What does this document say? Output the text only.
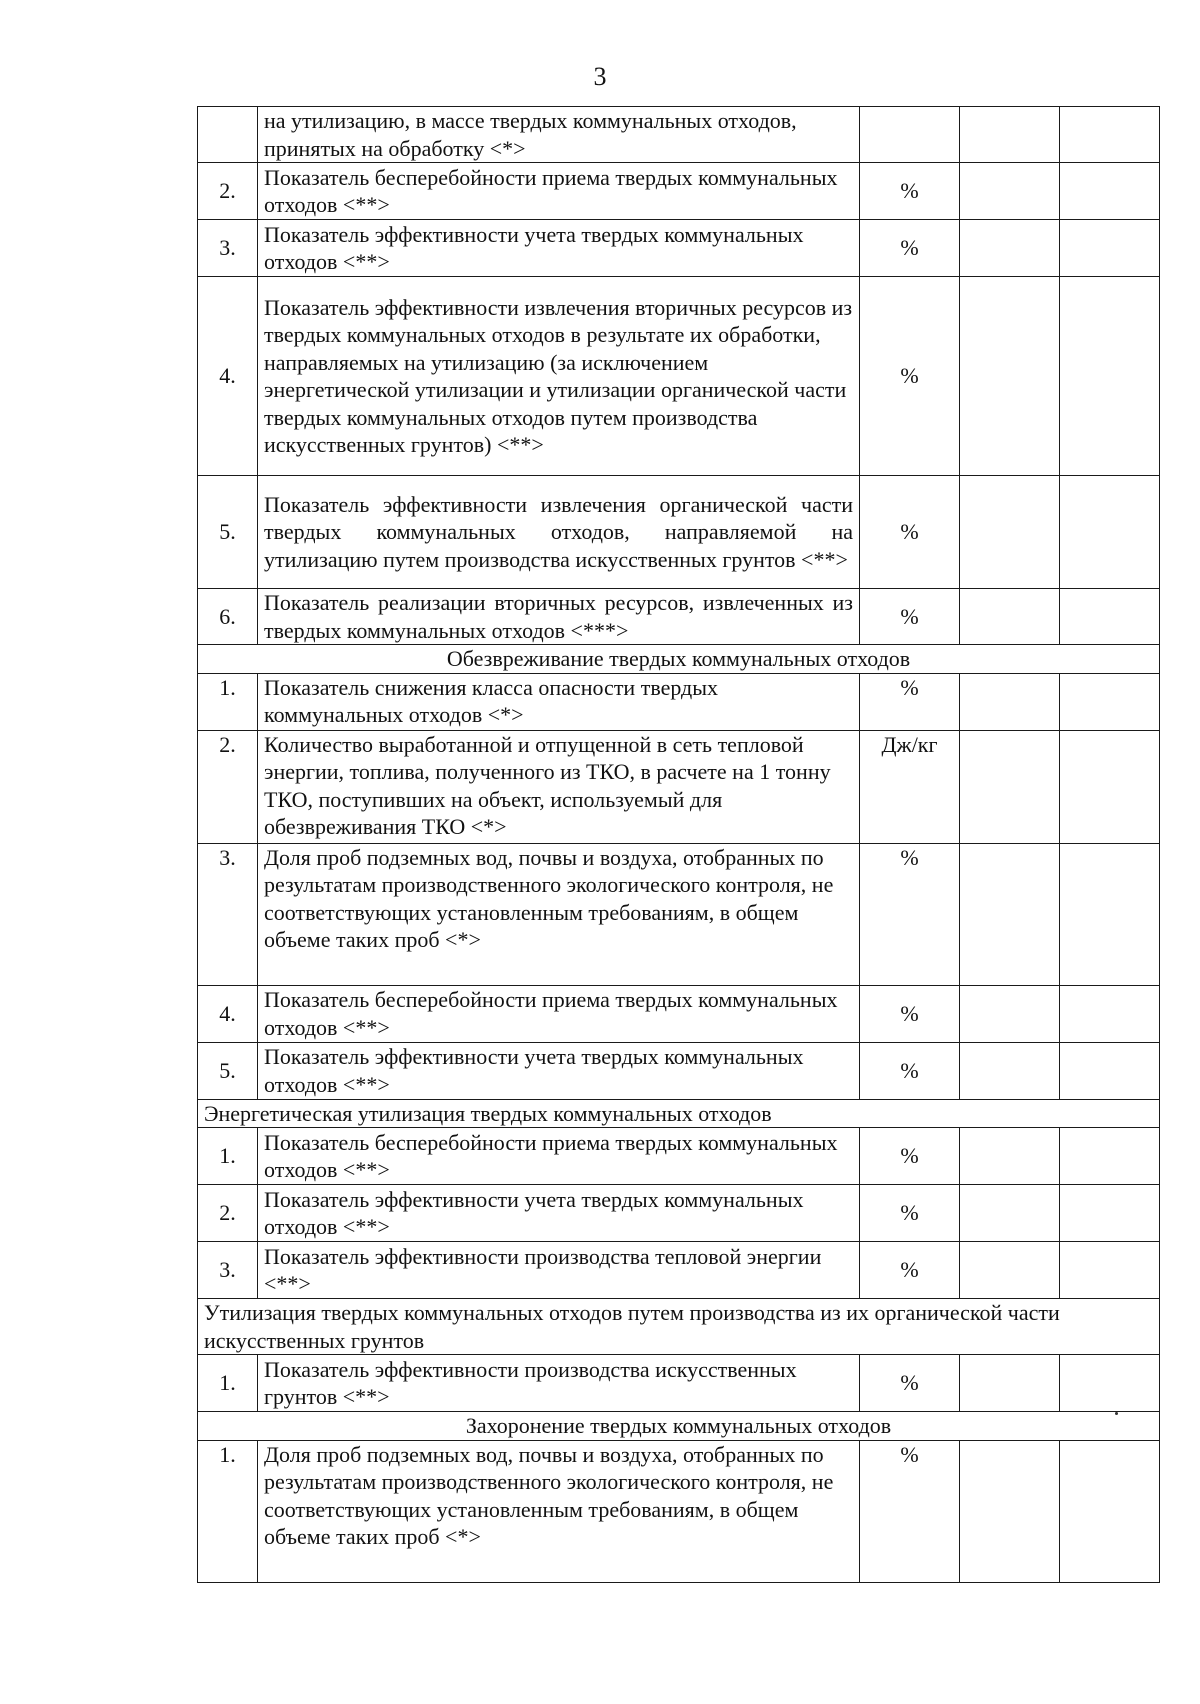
3
	на утилизацию, в массе твердых коммунальных отходов, принятых на обработку <*>			
2.	Показатель бесперебойности приема твердых коммунальных отходов <**>	%		
3.	Показатель эффективности учета твердых коммунальных отходов <**>	%		
4.	Показатель эффективности извлечения вторичных ресурсов из твердых коммунальных отходов в результате их обработки, направляемых на утилизацию (за исключением энергетической утилизации и утилизации органической части твердых коммунальных отходов путем производства искусственных грунтов) <**>	%		
5.	Показатель эффективности извлечения органической части твердых коммунальных отходов, направляемой на утилизацию путем производства искусственных грунтов <**>	%		
6.	Показатель реализации вторичных ресурсов, извлеченных из твердых коммунальных отходов <***>	%		
Обезвреживание твердых коммунальных отходов				
1.	Показатель снижения класса опасности твердых коммунальных отходов <*>	%		
2.	Количество выработанной и отпущенной в сеть тепловой энергии, топлива, полученного из ТКО, в расчете на 1 тонну ТКО, поступивших на объект, используемый для обезвреживания ТКО <*>	Дж/кг		
3.	Доля проб подземных вод, почвы и воздуха, отобранных по результатам производственного экологического контроля, не соответствующих установленным требованиям, в общем объеме таких проб <*>	%		
4.	Показатель бесперебойности приема твердых коммунальных отходов <**>	%		
5.	Показатель эффективности учета твердых коммунальных отходов <**>	%		
Энергетическая утилизация твердых коммунальных отходов				
1.	Показатель бесперебойности приема твердых коммунальных отходов <**>	%		
2.	Показатель эффективности учета твердых коммунальных отходов <**>	%		
3.	Показатель эффективности производства тепловой энергии <**>	%		
Утилизация твердых коммунальных отходов путем производства из их органической части искусственных грунтов				
1.	Показатель эффективности производства искусственных грунтов <**>	%		
Захоронение твердых коммунальных отходов				
1.	Доля проб подземных вод, почвы и воздуха, отобранных по результатам производственного экологического контроля, не соответствующих установленным требованиям, в общем объеме таких проб <*>	%		
